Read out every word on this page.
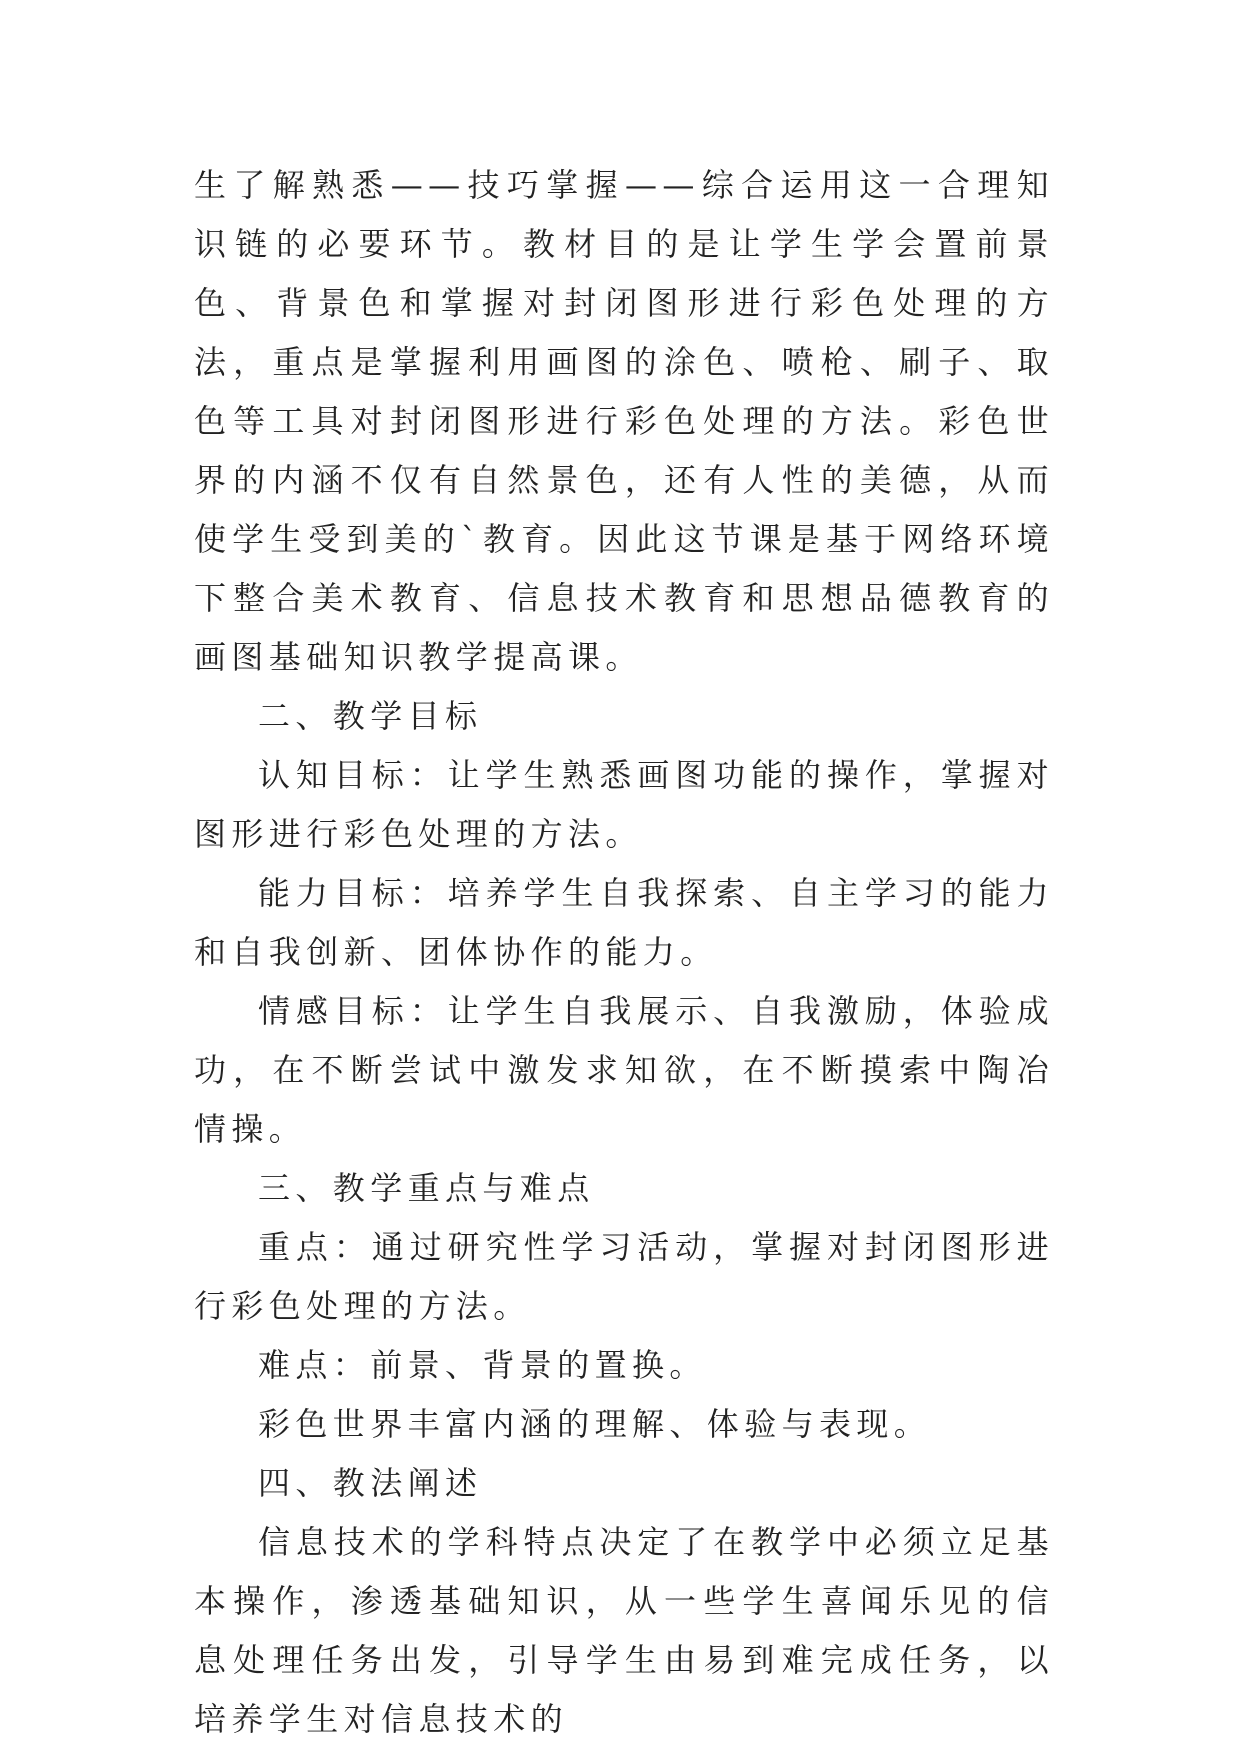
生了解熟悉——技巧掌握——综合运用这一合理知识链的必要环节。教材目的是让学生学会置前景色、背景色和掌握对封闭图形进行彩色处理的方法，重点是掌握利用画图的涂色、喷枪、刷子、取色等工具对封闭图形进行彩色处理的方法。彩色世界的内涵不仅有自然景色，还有人性的美德，从而使学生受到美的`教育。因此这节课是基于网络环境下整合美术教育、信息技术教育和思想品德教育的画图基础知识教学提高课。

二、教学目标

认知目标：让学生熟悉画图功能的操作，掌握对图形进行彩色处理的方法。

能力目标：培养学生自我探索、自主学习的能力和自我创新、团体协作的能力。

情感目标：让学生自我展示、自我激励，体验成功，在不断尝试中激发求知欲，在不断摸索中陶冶情操。

三、教学重点与难点

重点：通过研究性学习活动，掌握对封闭图形进行彩色处理的方法。

难点：前景、背景的置换。

彩色世界丰富内涵的理解、体验与表现。

四、教法阐述

信息技术的学科特点决定了在教学中必须立足基本操作，渗透基础知识，从一些学生喜闻乐见的信息处理任务出发，引导学生由易到难完成任务，以培养学生对信息技术的
